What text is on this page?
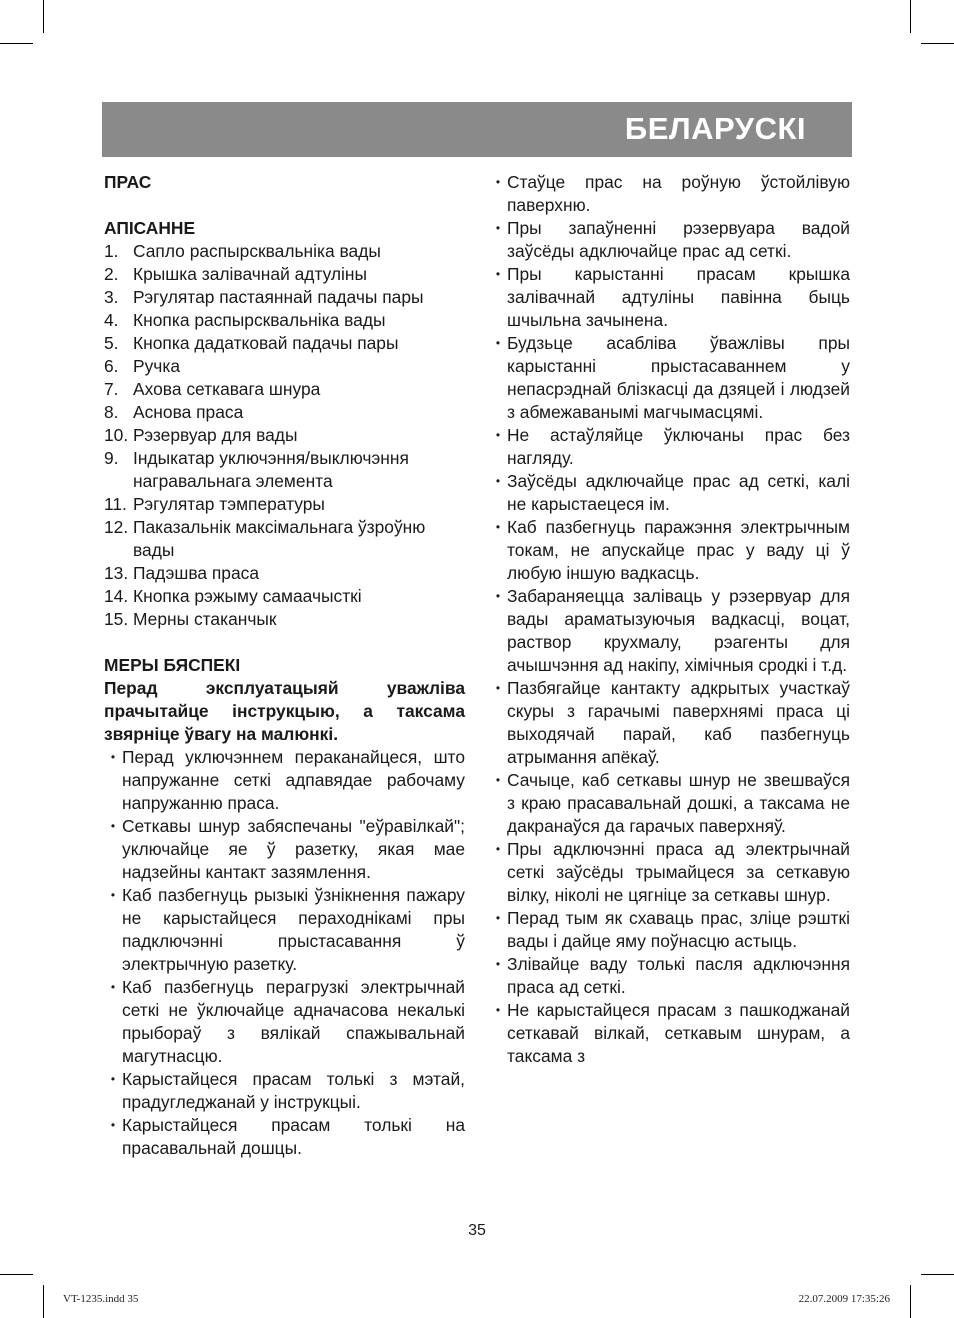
БЕЛАРУСКІ

ПРАС

АПІСАННЕ

1. Сапло распырсквальніка вады
2. Крышка залівачнай адтуліны
3. Рэгулятар пастаяннай падачы пары
4. Кнопка распырсквальніка вады
5. Кнопка дадатковай падачы пары
6. Ручка
7. Ахова сеткавага шнура
8. Аснова праса
10. Рэзервуар для вады
9. Індыкатар уключэння/выключэння награвальнага элемента
11. Рэгулятар тэмпературы
12. Паказальнік максімальнага ўзроўню вады
13. Падэшва праса
14. Кнопка рэжыму самаачысткі
15. Мерны стаканчык

МЕРЫ БЯСПЕКІ

Перад эксплуатацыяй уважліва прачытайце інструкцыю, а таксама звярніце ўвагу на малюнкі.

• Перад уключэннем пераканайцеся, што напружанне сеткі адпавядае рабочаму напружанню праса.
• Сеткавы шнур забяспечаны "еўравілкай"; уключайце яе ў разетку, якая мае надзейны кантакт зазямлення.
• Каб пазбегнуць рызыкі ўзнікнення пажару не карыстайцеся пераходнікамі пры падключэнні прыстасавання ў электрычную разетку.
• Каб пазбегнуць перагрузкі электрычнай сеткі не ўключайце адначасова некалькі прыбораў з вялікай спажывальнай магутнасцю.
• Карыстайцеся прасам толькі з мэтай, прадугледжанай у інструкцыі.
• Карыстайцеся прасам толькі на прасавальнай дошцы.
• Стаўце прас на роўную ўстойлівую паверхню.
• Пры запаўненні рэзервуара вадой заўсёды адключайце прас ад сеткі.
• Пры карыстанні прасам крышка залівачнай адтуліны павінна быць шчыльна зачынена.
• Будзьце асабліва ўважлівы пры карыстанні прыстасаваннем у непасрэднай блізкасці да дзяцей і людзей з абмежаванымі магчымасцямі.
• Не астаўляйце ўключаны прас без нагляду.
• Заўсёды адключайце прас ад сеткі, калі не карыстаецеся ім.
• Каб пазбегнуць паражэння электрычным токам, не апускайце прас у ваду ці ў любую іншую вадкасць.
• Забараняецца заліваць у рэзервуар для вады араматызуючыя вадкасці, воцат, раствор крухмалу, рэагенты для ачышчэння ад накіпу, хімічныя сродкі і т.д.
• Пазбягайце кантакту адкрытых участкаў скуры з гарачымі паверхнямі праса ці выходячай парай, каб пазбегнуць атрымання апёкаў.
• Сачыце, каб сеткавы шнур не звешваўся з краю прасавальнай дошкі, а таксама не дакранаўся да гарачых паверхняў.
• Пры адключэнні праса ад электрычнай сеткі заўсёды трымайцеся за сеткавую вілку, ніколі не цягніце за сеткавы шнур.
• Перад тым як схаваць прас, зліце рэшткі вады і дайце яму поўнасцю астыць.
• Злівайце ваду толькі пасля адключэння праса ад сеткі.
• Не карыстайцеся прасам з пашкоджанай сеткавай вілкай, сеткавым шнурам, а таксама з
35
VT-1235.indd 35	22.07.2009 17:35:26
